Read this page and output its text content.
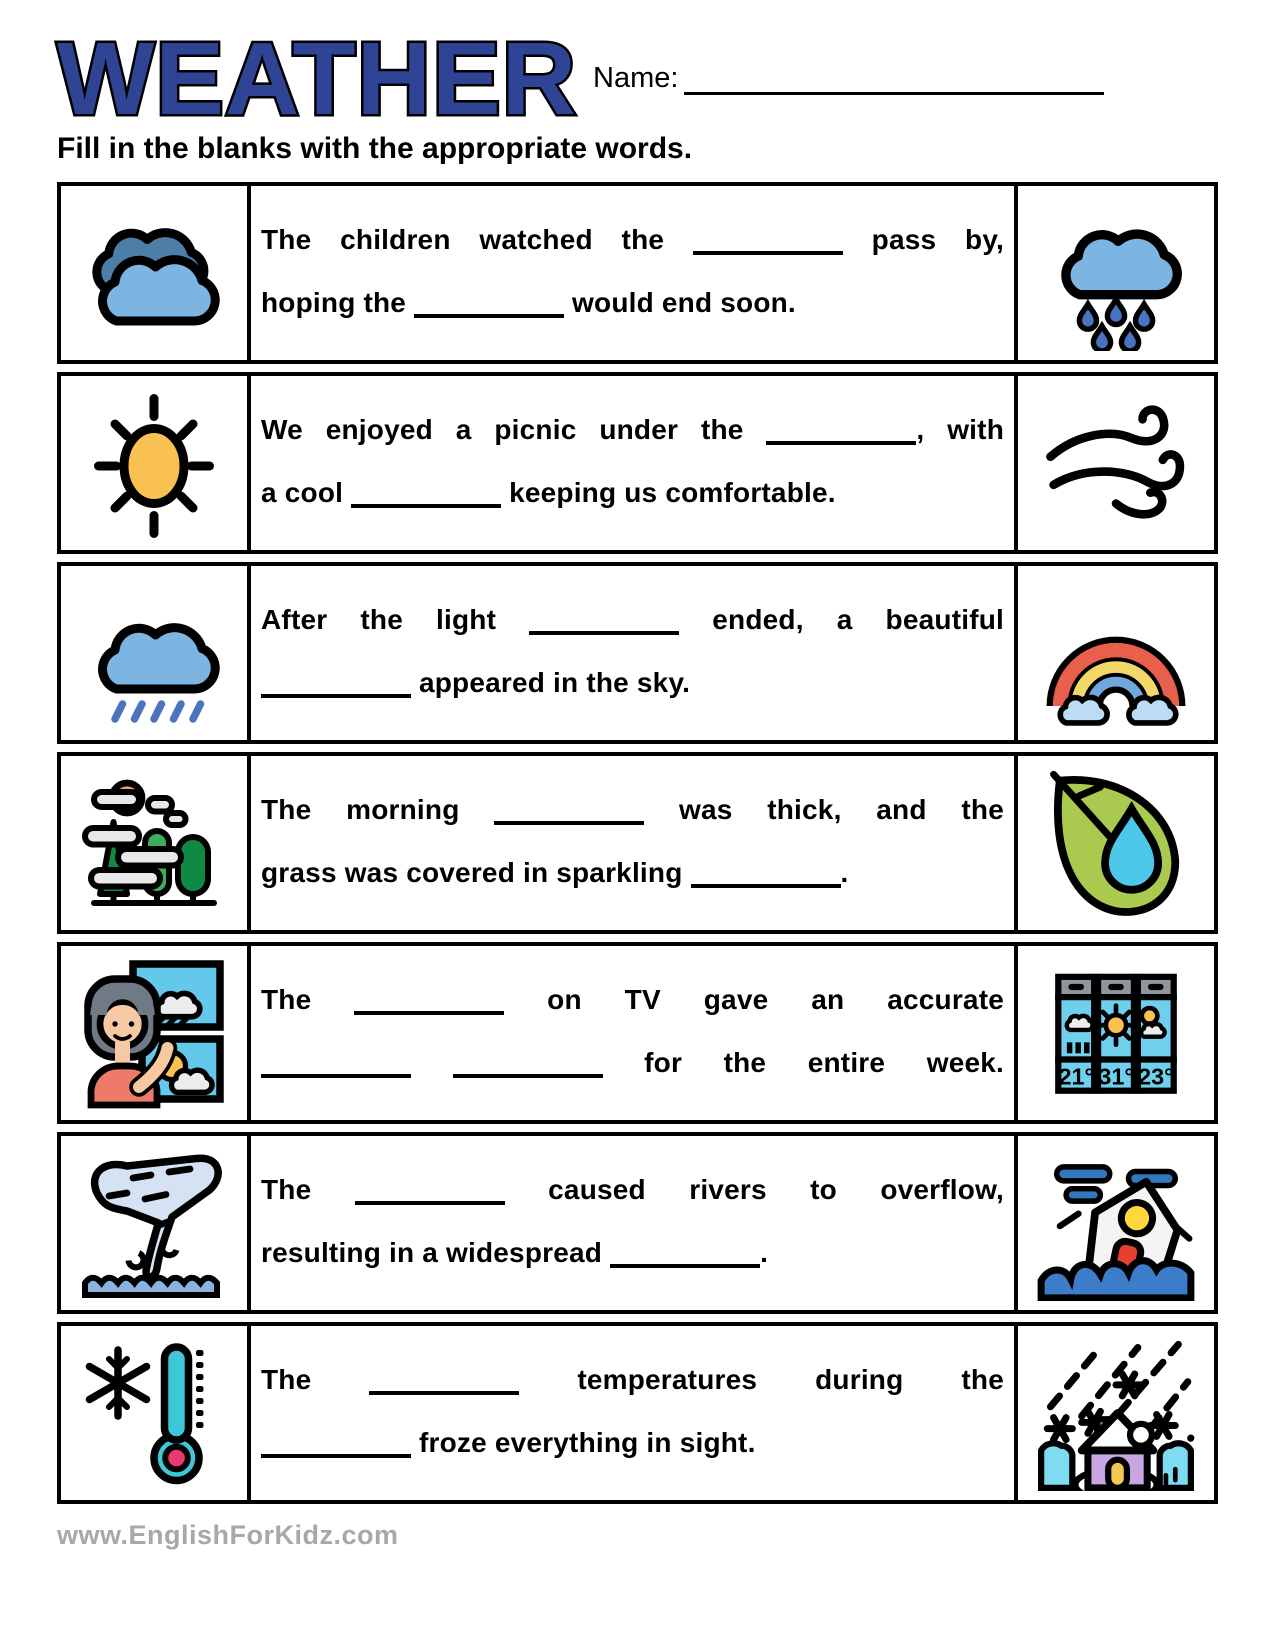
WEATHER Name:
Fill in the blanks with the appropriate words.

The children watched the	pass by,

hoping the	would end soon.

We enjoyed a picnic under the	, with

a cool	keeping us comfortable.

After the light	ended, a beautiful

appeared in the sky.

The morning	was thick, and the

grass was covered in sparkling	.

The	on TV gave an accurate

for the entire week.	21° 31° 23°

The	caused rivers to overflow,

resulting in a widespread	.

The	temperatures during the

froze everything in sight.

www.EnglishForKidz.com
